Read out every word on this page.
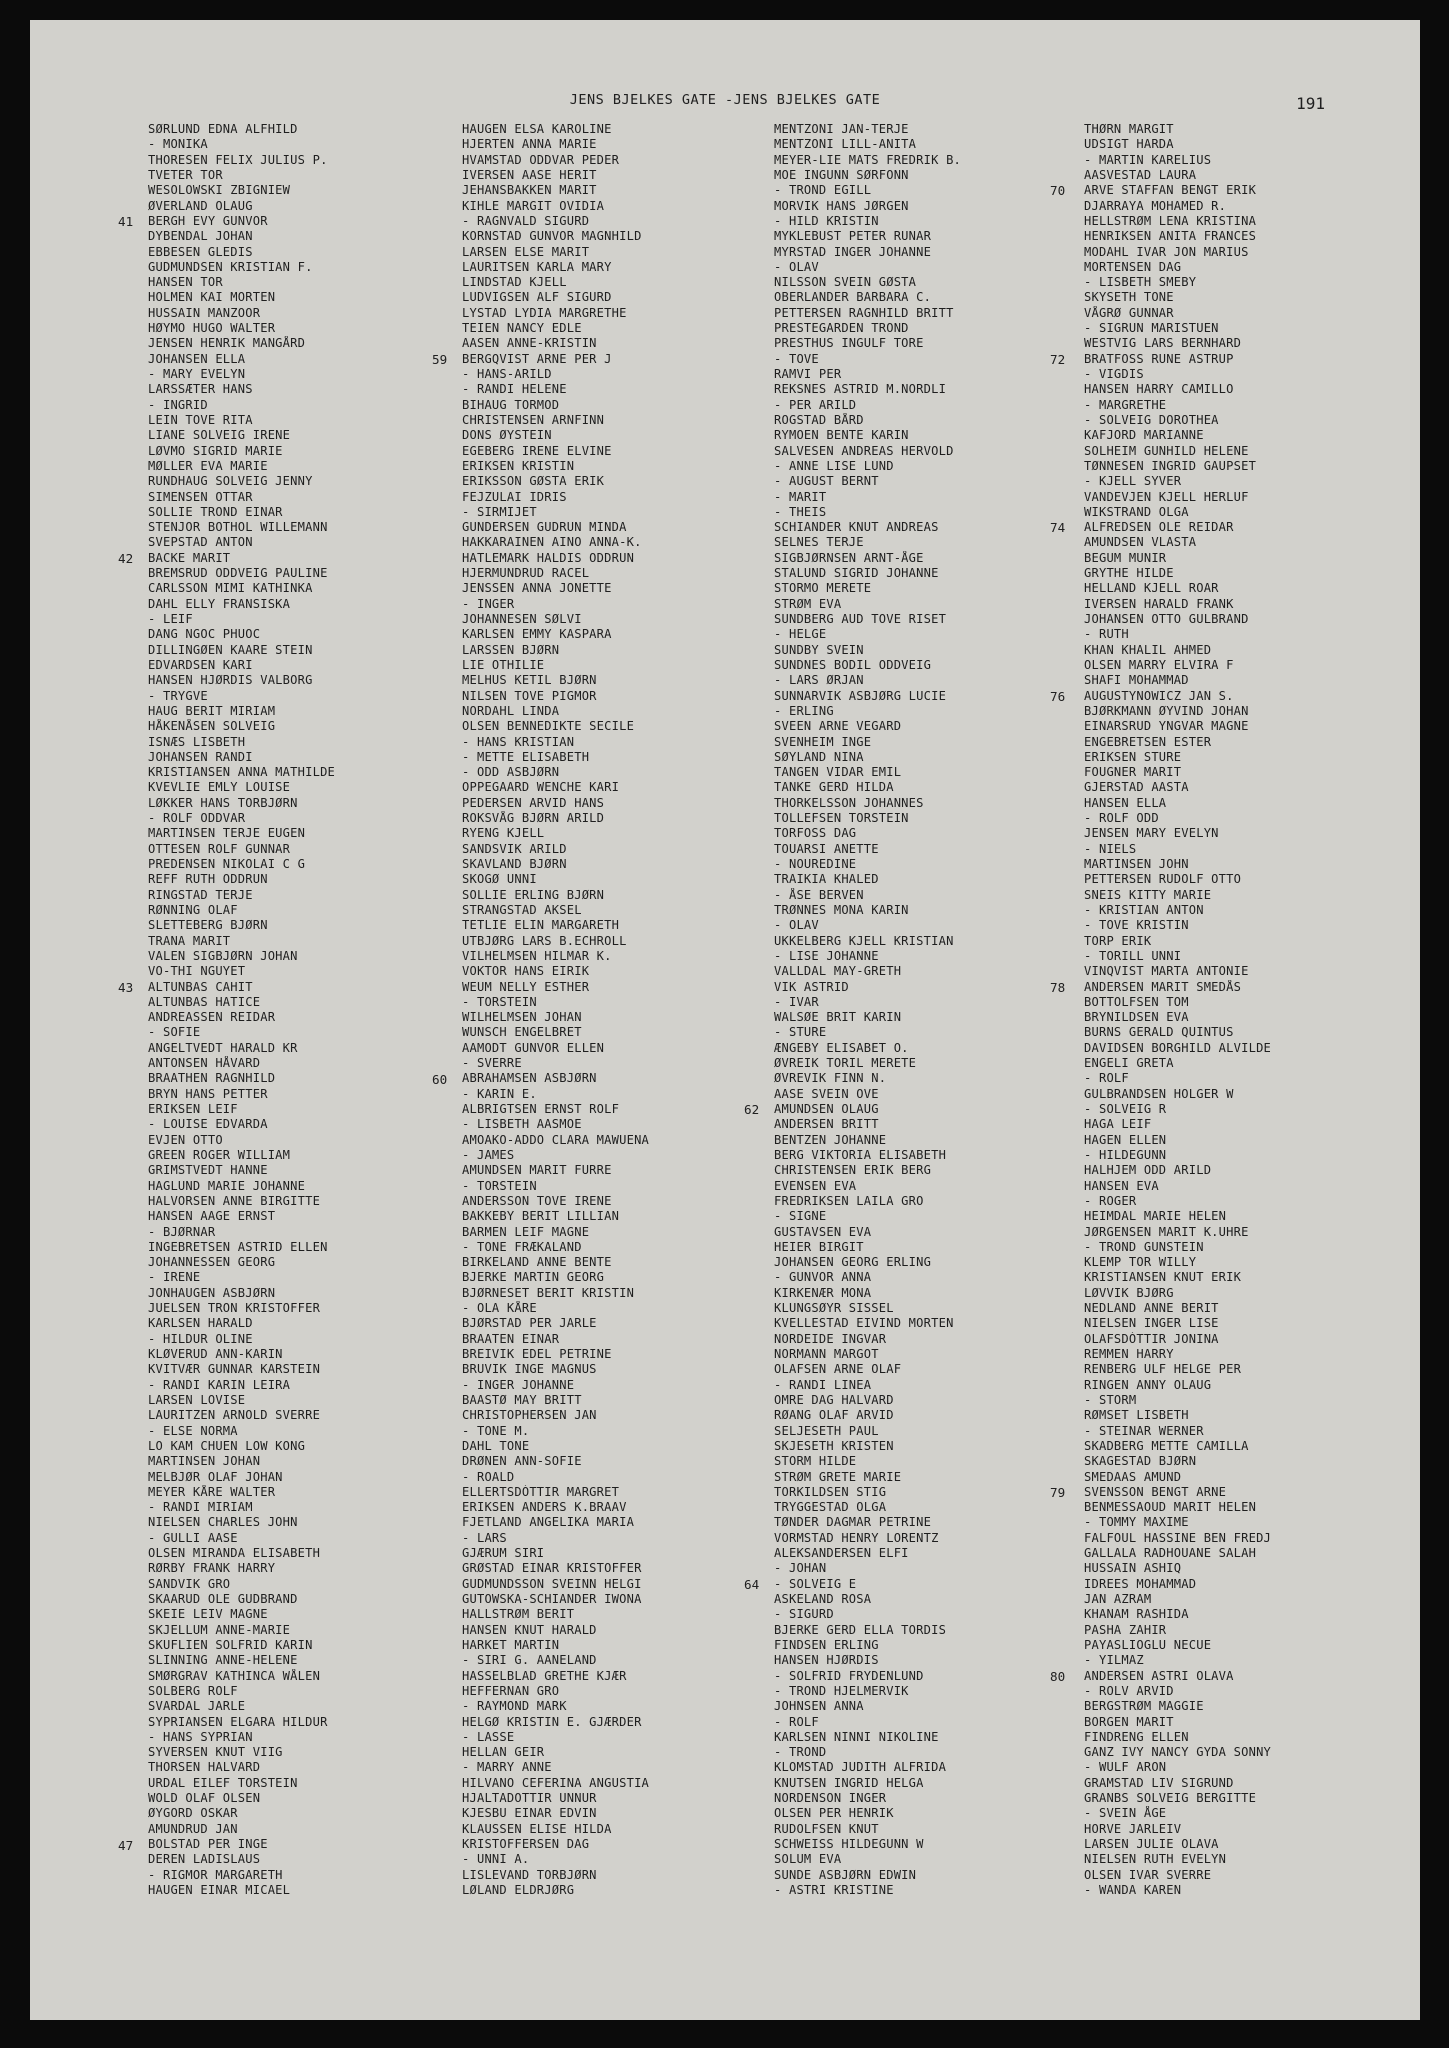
JENS BJELKES GATE -JENS BJELKES GATE	191
SØRLUND EDNA ALFHILD
- MONIKA
THORESEN FELIX JULIUS P.
TVETER TOR
WESOLOWSKI ZBIGNIEW
ØVERLAND OLAUG
BERGH EVY GUNVOR
DYBENDAL JOHAN
EBBESEN GLEDIS
GUDMUNDSEN KRISTIAN F.
HANSEN TOR
HOLMEN KAI MORTEN
HUSSAIN MANZOOR
HØYMO HUGO WALTER
JENSEN HENRIK MANGÅRD
JOHANSEN ELLA
- MARY EVELYN
LARSSÆTER HANS
- INGRID
LEIN TOVE RITA
LIANE SOLVEIG IRENE
LØVMO SIGRID MARIE
MØLLER EVA MARIE
RUNDHAUG SOLVEIG JENNY
SIMENSEN OTTAR
SOLLIE TROND EINAR
STENJOR BOTHOL WILLEMANN
SVEPSTAD ANTON
BACKE MARIT
BREMSRUD ODDVEIG PAULINE
CARLSSON MIMI KATHINKA
DAHL ELLY FRANSISKA
- LEIF
DANG NGOC PHUOC
DILLINGØEN KAARE STEIN
EDVARDSEN KARI
HANSEN HJØRDIS VALBORG
- TRYGVE
HAUG BERIT MIRIAM
HÅKENÅSEN SOLVEIG
ISNÆS LISBETH
JOHANSEN RANDI
KRISTIANSEN ANNA MATHILDE
KVEVLIE EMLY LOUISE
LØKKER HANS TORBJØRN
- ROLF ODDVAR
MARTINSEN TERJE EUGEN
OTTESEN ROLF GUNNAR
PREDENSEN NIKOLAI C G
REFF RUTH ODDRUN
RINGSTAD TERJE
RØNNING OLAF
SLETTEBERG BJØRN
TRANA MARIT
VALEN SIGBJØRN JOHAN
VO-THI NGUYET
ALTUNBAS CAHIT
ALTUNBAS HATICE
ANDREASSEN REIDAR
- SOFIE
ANGELTVEDT HARALD KR
ANTONSEN HÅVARD
BRAATHEN RAGNHILD
BRYN HANS PETTER
ERIKSEN LEIF
- LOUISE EDVARDA
EVJEN OTTO
GREEN ROGER WILLIAM
GRIMSTVEDT HANNE
HAGLUND MARIE JOHANNE
HALVORSEN ANNE BIRGITTE
HANSEN AAGE ERNST
- BJØRNAR
INGEBRETSEN ASTRID ELLEN
JOHANNESSEN GEORG
- IRENE
JONHAUGEN ASBJØRN
JUELSEN TRON KRISTOFFER
KARLSEN HARALD
- HILDUR OLINE
KLØVERUD ANN-KARIN
KVITVÆR GUNNAR KARSTEIN
- RANDI KARIN LEIRA
LARSEN LOVISE
LAURITZEN ARNOLD SVERRE
- ELSE NORMA
LO KAM CHUEN LOW KONG
MARTINSEN JOHAN
MELBJØR OLAF JOHAN
MEYER KÅRE WALTER
- RANDI MIRIAM
NIELSEN CHARLES JOHN
- GULLI AASE
OLSEN MIRANDA ELISABETH
RØRBY FRANK HARRY
SANDVIK GRO
SKAARUD OLE GUDBRAND
SKEIE LEIV MAGNE
SKJELLUM ANNE-MARIE
SKUFLIEN SOLFRID KARIN
SLINNING ANNE-HELENE
SMØRGRAV KATHINCA WÅLEN
SOLBERG ROLF
SVARDAL JARLE
SYPRIANSEN ELGARA HILDUR
- HANS SYPRIAN
SYVERSEN KNUT VIIG
THORSEN HALVARD
URDAL EILEF TORSTEIN
WOLD OLAF OLSEN
ØYGORD OSKAR
AMUNDRUD JAN
BOLSTAD PER INGE
DEREN LADISLAUS
- RIGMOR MARGARETH
HAUGEN EINAR MICAEL
HAUGEN ELSA KAROLINE
HJERTEN ANNA MARIE
HVAMSTAD ODDVAR PEDER
IVERSEN AASE HERIT
JEHANSBAKKEN MARIT
KIHLE MARGIT OVIDIA
- RAGNVALD SIGURD
KORNSTAD GUNVOR MAGNHILD
LARSEN ELSE MARIT
LAURITSEN KARLA MARY
LINDSTAD KJELL
LUDVIGSEN ALF SIGURD
LYSTAD LYDIA MARGRETHE
TEIEN NANCY EDLE
AASEN ANNE-KRISTIN
BERGQVIST ARNE PER J
- HANS-ARILD
- RANDI HELENE
BIHAUG TORMOD
CHRISTENSEN ARNFINN
DONS ØYSTEIN
EGEBERG IRENE ELVINE
ERIKSEN KRISTIN
ERIKSSON GØSTA ERIK
FEJZULAI IDRIS
- SIRMIJET
GUNDERSEN GUDRUN MINDA
HAKKARAINEN AINO ANNA-K.
HATLEMARK HALDIS ODDRUN
HJERMUNDRUD RACEL
JENSSEN ANNA JONETTE
- INGER
JOHANNESEN SØLVI
KARLSEN EMMY KASPARA
LARSSEN BJØRN
LIE OTHILIE
MELHUS KETIL BJØRN
NILSEN TOVE PIGMOR
NORDAHL LINDA
OLSEN BENNEDIKTE SECILE
- HANS KRISTIAN
- METTE ELISABETH
- ODD ASBJØRN
OPPEGAARD WENCHE KARI
PEDERSEN ARVID HANS
ROKSVÅG BJØRN ARILD
RYENG KJELL
SANDSVIK ARILD
SKAVLAND BJØRN
SKOGØ UNNI
SOLLIE ERLING BJØRN
STRANGSTAD AKSEL
TETLIE ELIN MARGARETH
UTBJØRG LARS B.ECHROLL
VILHELMSEN HILMAR K.
VOKTOR HANS EIRIK
WEUM NELLY ESTHER
- TORSTEIN
WILHELMSEN JOHAN
WUNSCH ENGELBRET
AAMODT GUNVOR ELLEN
- SVERRE
ABRAHAMSEN ASBJØRN
- KARIN E.
ALBRIGTSEN ERNST ROLF
- LISBETH AASMOE
AMOAKO-ADDO CLARA MAWUENA
- JAMES
AMUNDSEN MARIT FURRE
- TORSTEIN
ANDERSSON TOVE IRENE
BAKKEBY BERIT LILLIAN
BARMEN LEIF MAGNE
- TONE FRÆKALAND
BIRKELAND ANNE BENTE
BJERKE MARTIN GEORG
BJØRNESET BERIT KRISTIN
- OLA KÅRE
BJØRSTAD PER JARLE
BRAATEN EINAR
BREIVIK EDEL PETRINE
BRUVIK INGE MAGNUS
- INGER JOHANNE
BAASTØ MAY BRITT
CHRISTOPHERSEN JAN
- TONE M.
DAHL TONE
DRØNEN ANN-SOFIE
- ROALD
ELLERTSDÓTTIR MARGRET
ERIKSEN ANDERS K.BRAAV
FJETLAND ANGELIKA MARIA
- LARS
GJÆRUM SIRI
GRØSTAD EINAR KRISTOFFER
GUDMUNDSSON SVEINN HELGI
GUTOWSKA-SCHIANDER IWONA
HALLSTRØM BERIT
HANSEN KNUT HARALD
HARKET MARTIN
- SIRI G. AANELAND
HASSELBLAD GRETHE KJÆR
HEFFERNAN GRO
- RAYMOND MARK
HELGØ KRISTIN E. GJÆRDER
- LASSE
HELLAN GEIR
- MARRY ANNE
HILVANO CEFERINA ANGUSTIA
HJALTADOTTIR UNNUR
KJESBU EINAR EDVIN
KLAUSSEN ELISE HILDA
KRISTOFFERSEN DAG
- UNNI A.
LISLEVAND TORBJØRN
LØLAND ELDRJØRG
MENTZONI JAN-TERJE
MENTZONI LILL-ANITA
MEYER-LIE MATS FREDRIK B.
MOE INGUNN SØRFONN
- TROND EGILL
MORVIK HANS JØRGEN
- HILD KRISTIN
MYKLEBUST PETER RUNAR
MYRSTAD INGER JOHANNE
- OLAV
NILSSON SVEIN GØSTA
OBERLANDER BARBARA C.
PETTERSEN RAGNHILD BRITT
PRESTEGARDEN TROND
PRESTHUS INGULF TORE
- TOVE
RAMVI PER
REKSNES ASTRID M.NORDLI
- PER ARILD
ROGSTAD BÅRD
RYMOEN BENTE KARIN
SALVESEN ANDREAS HERVOLD
- ANNE LISE LUND
- AUGUST BERNT
- MARIT
- THEIS
SCHIANDER KNUT ANDREAS
SELNES TERJE
SIGBJØRNSEN ARNT-ÅGE
STALUND SIGRID JOHANNE
STORMO MERETE
STRØM EVA
SUNDBERG AUD TOVE RISET
- HELGE
SUNDBY SVEIN
SUNDNES BODIL ODDVEIG
- LARS ØRJAN
SUNNARVIK ASBJØRG LUCIE
- ERLING
SVEEN ARNE VEGARD
SVENHEIM INGE
SØYLAND NINA
TANGEN VIDAR EMIL
TANKE GERD HILDA
THORKELSSON JOHANNES
TOLLEFSEN TORSTEIN
TORFOSS DAG
TOUARSI ANETTE
- NOUREDINE
TRAIKIA KHALED
- ÅSE BERVEN
TRØNNES MONA KARIN
- OLAV
UKKELBERG KJELL KRISTIAN
- LISE JOHANNE
VALLDAL MAY-GRETH
VIK ASTRID
- IVAR
WALSØE BRIT KARIN
- STURE
ÆNGEBY ELISABET O.
ØVREIK TORIL MERETE
ØVREVIK FINN N.
AASE SVEIN OVE
AMUNDSEN OLAUG
ANDERSEN BRITT
BENTZEN JOHANNE
BERG VIKTORIA ELISABETH
CHRISTENSEN ERIK BERG
EVENSEN EVA
FREDRIKSEN LAILA GRO
- SIGNE
GUSTAVSEN EVA
HEIER BIRGIT
JOHANSEN GEORG ERLING
- GUNVOR ANNA
KIRKENÆR MONA
KLUNGSØYR SISSEL
KVELLESTAD EIVIND MORTEN
NORDEIDE INGVAR
NORMANN MARGOT
OLAFSEN ARNE OLAF
- RANDI LINEA
OMRE DAG HALVARD
RØANG OLAF ARVID
SELJESETH PAUL
SKJESETH KRISTEN
STORM HILDE
STRØM GRETE MARIE
TORKILDSEN STIG
TRYGGESTAD OLGA
TØNDER DAGMAR PETRINE
VORMSTAD HENRY LORENTZ
ALEKSANDERSEN ELFI
- JOHAN
- SOLVEIG E
ASKELAND ROSA
- SIGURD
BJERKE GERD ELLA TORDIS
FINDSEN ERLING
HANSEN HJØRDIS
- SOLFRID FRYDENLUND
- TROND HJELMERVIK
JOHNSEN ANNA
- ROLF
KARLSEN NINNI NIKOLINE
- TROND
KLOMSTAD JUDITH ALFRIDA
KNUTSEN INGRID HELGA
NORDENSON INGER
OLSEN PER HENRIK
RUDOLFSEN KNUT
SCHWEISS HILDEGUNN W
SOLUM EVA
SUNDE ASBJØRN EDWIN
- ASTRI KRISTINE
THØRN MARGIT
UDSIGT HARDA
- MARTIN KARELIUS
AASVESTAD LAURA
ARVE STAFFAN BENGT ERIK
DJARRAYA MOHAMED R.
HELLSTRØM LENA KRISTINA
HENRIKSEN ANITA FRANCES
MODAHL IVAR JON MARIUS
MORTENSEN DAG
- LISBETH SMEBY
SKYSETH TONE
VÅGRØ GUNNAR
- SIGRUN MARISTUEN
WESTVIG LARS BERNHARD
BRATFOSS RUNE ASTRUP
- VIGDIS
HANSEN HARRY CAMILLO
- MARGRETHE
- SOLVEIG DOROTHEA
KAFJORD MARIANNE
SOLHEIM GUNHILD HELENE
TØNNESEN INGRID GAUPSET
- KJELL SYVER
VANDEVJEN KJELL HERLUF
WIKSTRAND OLGA
ALFREDSEN OLE REIDAR
AMUNDSEN VLASTA
BEGUM MUNIR
GRYTHE HILDE
HELLAND KJELL ROAR
IVERSEN HARALD FRANK
JOHANSEN OTTO GULBRAND
- RUTH
KHAN KHALIL AHMED
OLSEN MARRY ELVIRA F
SHAFI MOHAMMAD
AUGUSTYNOWICZ JAN S.
BJØRKMANN ØYVIND JOHAN
EINARSRUD YNGVAR MAGNE
ENGEBRETSEN ESTER
ERIKSEN STURE
FOUGNER MARIT
GJERSTAD AASTA
HANSEN ELLA
- ROLF ODD
JENSEN MARY EVELYN
- NIELS
MARTINSEN JOHN
PETTERSEN RUDOLF OTTO
SNEIS KITTY MARIE
- KRISTIAN ANTON
- TOVE KRISTIN
TORP ERIK
- TORILL UNNI
VINQVIST MARTA ANTONIE
ANDERSEN MARIT SMEDÅS
BOTTOLFSEN TOM
BRYNILDSEN EVA
BURNS GERALD QUINTUS
DAVIDSEN BORGHILD ALVILDE
ENGELI GRETA
- ROLF
GULBRANDSEN HOLGER W
- SOLVEIG R
HAGA LEIF
HAGEN ELLEN
- HILDEGUNN
HALHJEM ODD ARILD
HANSEN EVA
- ROGER
HEIMDAL MARIE HELEN
JØRGENSEN MARIT K.UHRE
- TROND GUNSTEIN
KLEMP TOR WILLY
KRISTIANSEN KNUT ERIK
LØVVIK BJØRG
NEDLAND ANNE BERIT
NIELSEN INGER LISE
OLAFSDÓTTIR JONINA
REMMEN HARRY
RENBERG ULF HELGE PER
RINGEN ANNY OLAUG
- STORM
RØMSET LISBETH
- STEINAR WERNER
SKADBERG METTE CAMILLA
SKAGESTAD BJØRN
SMEDAAS AMUND
SVENSSON BENGT ARNE
BENMESSAOUD MARIT HELEN
- TOMMY MAXIME
FALFOUL HASSINE BEN FREDJ
GALLALA RADHOUANE SALAH
HUSSAIN ASHIQ
IDREES MOHAMMAD
JAN AZRAM
KHANAM RASHIDA
PASHA ZAHIR
PAYASLIOGLU NECUE
- YILMAZ
ANDERSEN ASTRI OLAVA
- ROLV ARVID
BERGSTRØM MAGGIE
BORGEN MARIT
FINDRENG ELLEN
GANZ IVY NANCY GYDA SONNY
- WULF ARON
GRAMSTAD LIV SIGRUND
GRANBS SOLVEIG BERGITTE
- SVEIN ÅGE
HORVE JARLEIV
LARSEN JULIE OLAVA
NIELSEN RUTH EVELYN
OLSEN IVAR SVERRE
- WANDA KAREN
41
42
43
47
59
60
62
64
70
72
74
76
78
79
80
